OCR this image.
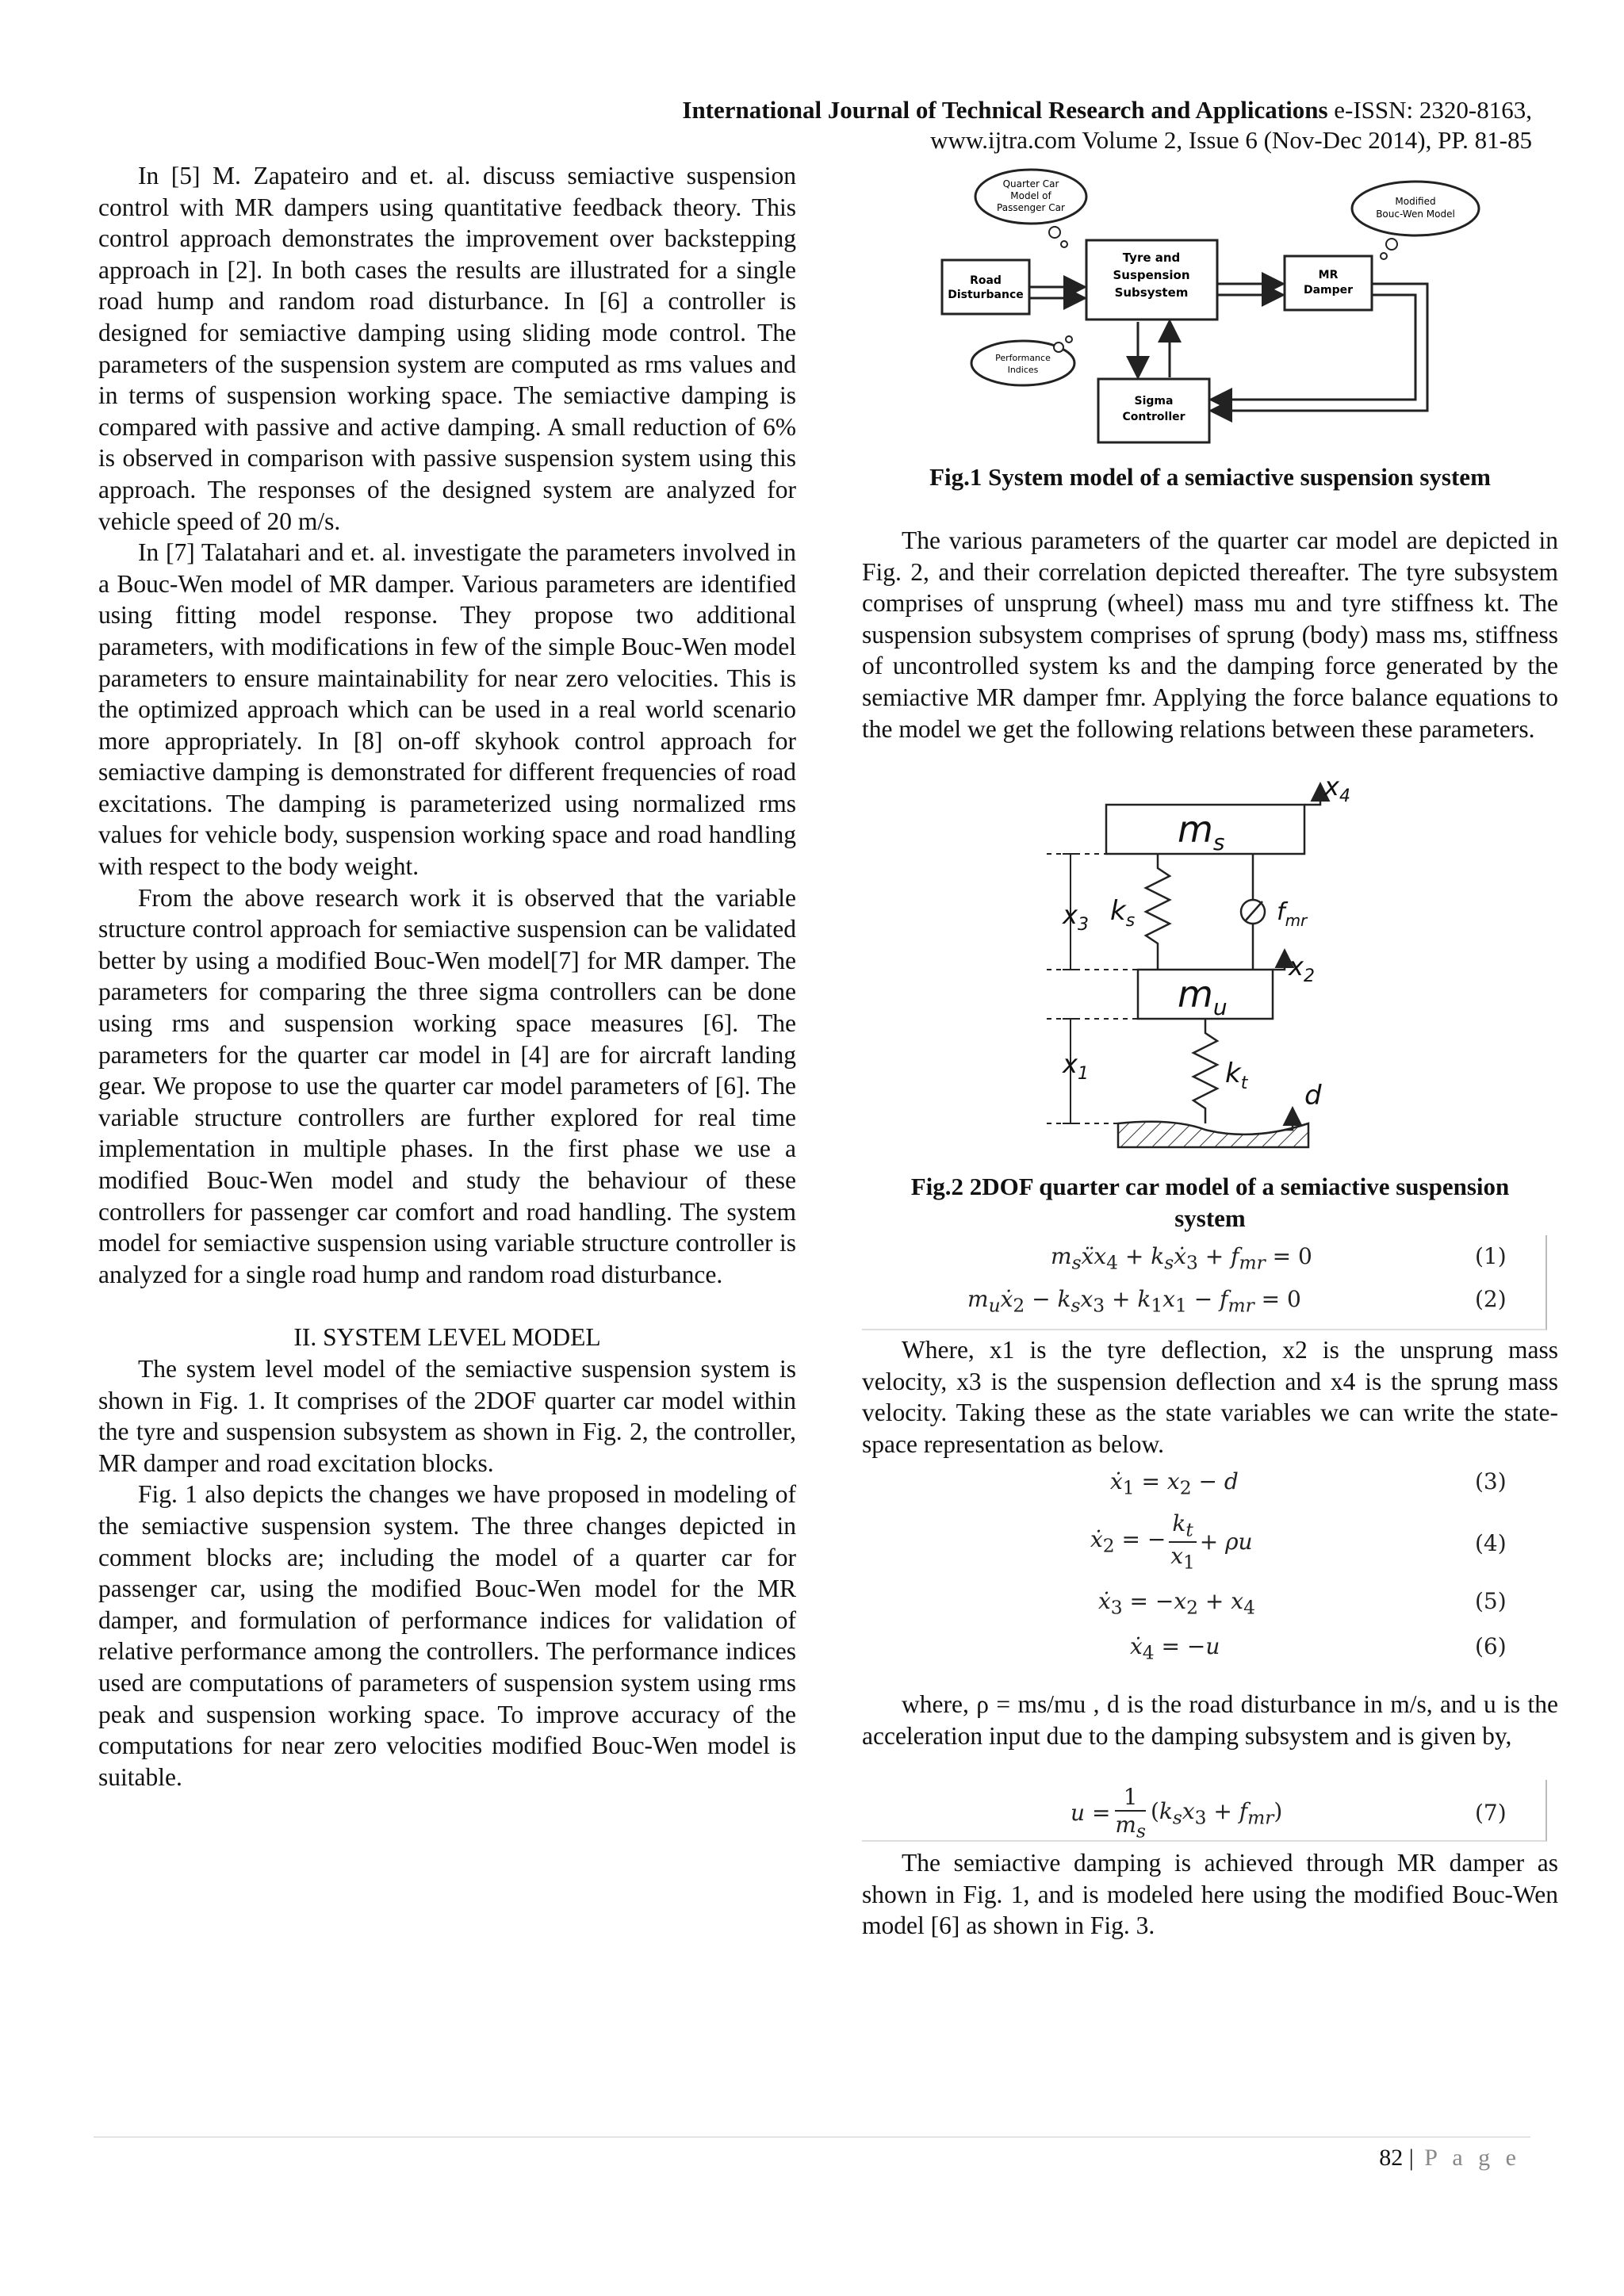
International Journal of Technical Research and Applications e-ISSN: 2320-8163,
www.ijtra.com Volume 2, Issue 6 (Nov-Dec 2014), PP. 81-85

In [5] M. Zapateiro and et. al. discuss semiactive suspension control with MR dampers using quantitative feedback theory. This control approach demonstrates the improvement over backstepping approach in [2]. In both cases the results are illustrated for a single road hump and random road disturbance. In [6] a controller is designed for semiactive damping using sliding mode control. The parameters of the suspension system are computed as rms values and in terms of suspension working space. The semiactive damping is compared with passive and active damping. A small reduction of 6% is observed in comparison with passive suspension system using this approach. The responses of the designed system are analyzed for vehicle speed of 20 m/s.

In [7] Talatahari and et. al. investigate the parameters involved in a Bouc-Wen model of MR damper. Various parameters are identified using fitting model response. They propose two additional parameters, with modifications in few of the simple Bouc-Wen model parameters to ensure maintainability for near zero velocities. This is the optimized approach which can be used in a real world scenario more appropriately. In [8] on-off skyhook control approach for semiactive damping is demonstrated for different frequencies of road excitations. The damping is parameterized using normalized rms values for vehicle body, suspension working space and road handling with respect to the body weight.

From the above research work it is observed that the variable structure control approach for semiactive suspension can be validated better by using a modified Bouc-Wen model[7] for MR damper. The parameters for comparing the three sigma controllers can be done using rms and suspension working space measures [6]. The parameters for the quarter car model in [4] are for aircraft landing gear. We propose to use the quarter car model parameters of [6]. The variable structure controllers are further explored for real time implementation in multiple phases. In the first phase we use a modified Bouc-Wen model and study the behaviour of these controllers for passenger car comfort and road handling. The system model for semiactive suspension using variable structure controller is analyzed for a single road hump and random road disturbance.

II. SYSTEM LEVEL MODEL

The system level model of the semiactive suspension system is shown in Fig. 1. It comprises of the 2DOF quarter car model within the tyre and suspension subsystem as shown in Fig. 2, the controller, MR damper and road excitation blocks.

Fig. 1 also depicts the changes we have proposed in modeling of the semiactive suspension system. The three changes depicted in comment blocks are; including the model of a quarter car for passenger car, using the modified Bouc-Wen model for the MR damper, and formulation of performance indices for validation of relative performance among the controllers. The performance indices used are computations of parameters of suspension system using rms peak and suspension working space. To improve accuracy of the computations for near zero velocities modified Bouc-Wen model is suitable.

Quarter Car
Model of
Passenger Car
Modified
Bouc-Wen Model
Performance
Indices
Road
Disturbance
Tyre and
Suspension
Subsystem
MR
Damper
Sigma
Controller
Fig.1 System model of a semiactive suspension system

The various parameters of the quarter car model are depicted in Fig. 2, and their correlation depicted thereafter. The tyre subsystem comprises of unsprung (wheel) mass mu and tyre stiffness kt. The suspension subsystem comprises of sprung (body) mass ms, stiffness of uncontrolled system ks and the damping force generated by the semiactive MR damper fmr. Applying the force balance equations to the model we get the following relations between these parameters.

$m_s$
$m_u$
$k_s$
$k_t$
$f_{mr}$
$x_3$
$x_1$
$x_4$
$x_2$
d
Fig.2 2DOF quarter car model of a semiactive suspension
system
$m_sẍx_4$ + $k_sẋ_3 + f_{mr} = 0$	(1)
$m_uẋ_2 - k_sx_3 + k_1x_1 - f_{mr} = 0$	(2)

Where, x1 is the tyre deflection, x2 is the unsprung mass velocity, x3 is the suspension deflection and x4 is the sprung mass velocity. Taking these as the state variables we can write the state-space representation as below.

ẋ$_1$ = $x_2 - d$	(3)
ẋ$_2$ = − $\frac{k_t}{x_1} + \rho u$	(4)
ẋ$_3$ = $-x_2 + x_4$	(5)
ẋ$_4$ = −u	(6)

where, ρ = ms/mu , d is the road disturbance in m/s, and u is the acceleration input due to the damping subsystem and is given by,

$u = \frac{1}{m_s} (k_sx_3 + f_{mr})$	(7)

The semiactive damping is achieved through MR damper as shown in Fig. 1, and is modeled here using the modified Bouc-Wen model [6] as shown in Fig. 3.

82 | P a g e
